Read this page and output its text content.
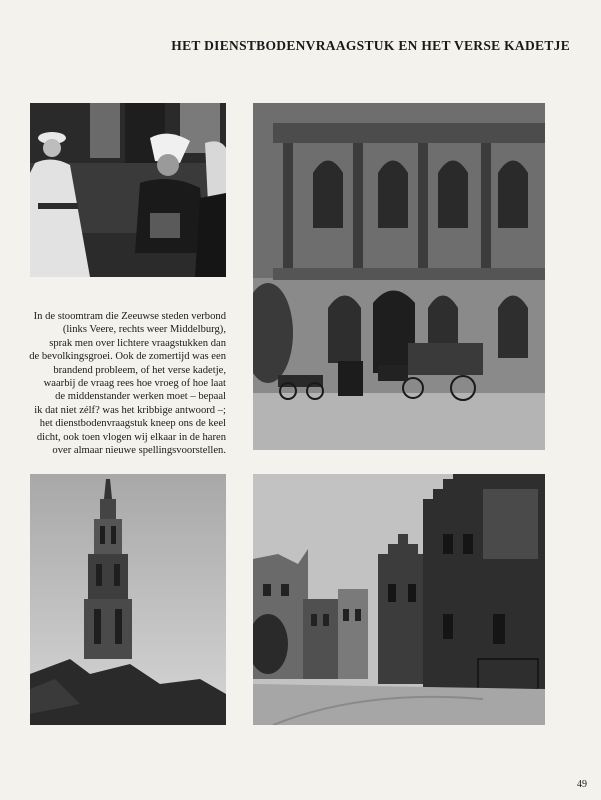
HET DIENSTBODENVRAAGSTUK EN HET VERSE KADETJE
In de stoomtram die Zeeuwse steden verbond
(links Veere, rechts weer Middelburg),
sprak men over lichtere vraagstukken dan
de bevolkingsgroei. Ook de zomertijd was een
brandend probleem, of het verse kadetje,
waarbij de vraag rees hoe vroeg of hoe laat
de middenstander werken moet – bepaal
ik dat niet zélf? was het kribbige antwoord –;
het dienstbodenvraagstuk kneep ons de keel
dicht, ook toen vlogen wij elkaar in de haren
over almaar nieuwe spellingsvoorstellen.
49
